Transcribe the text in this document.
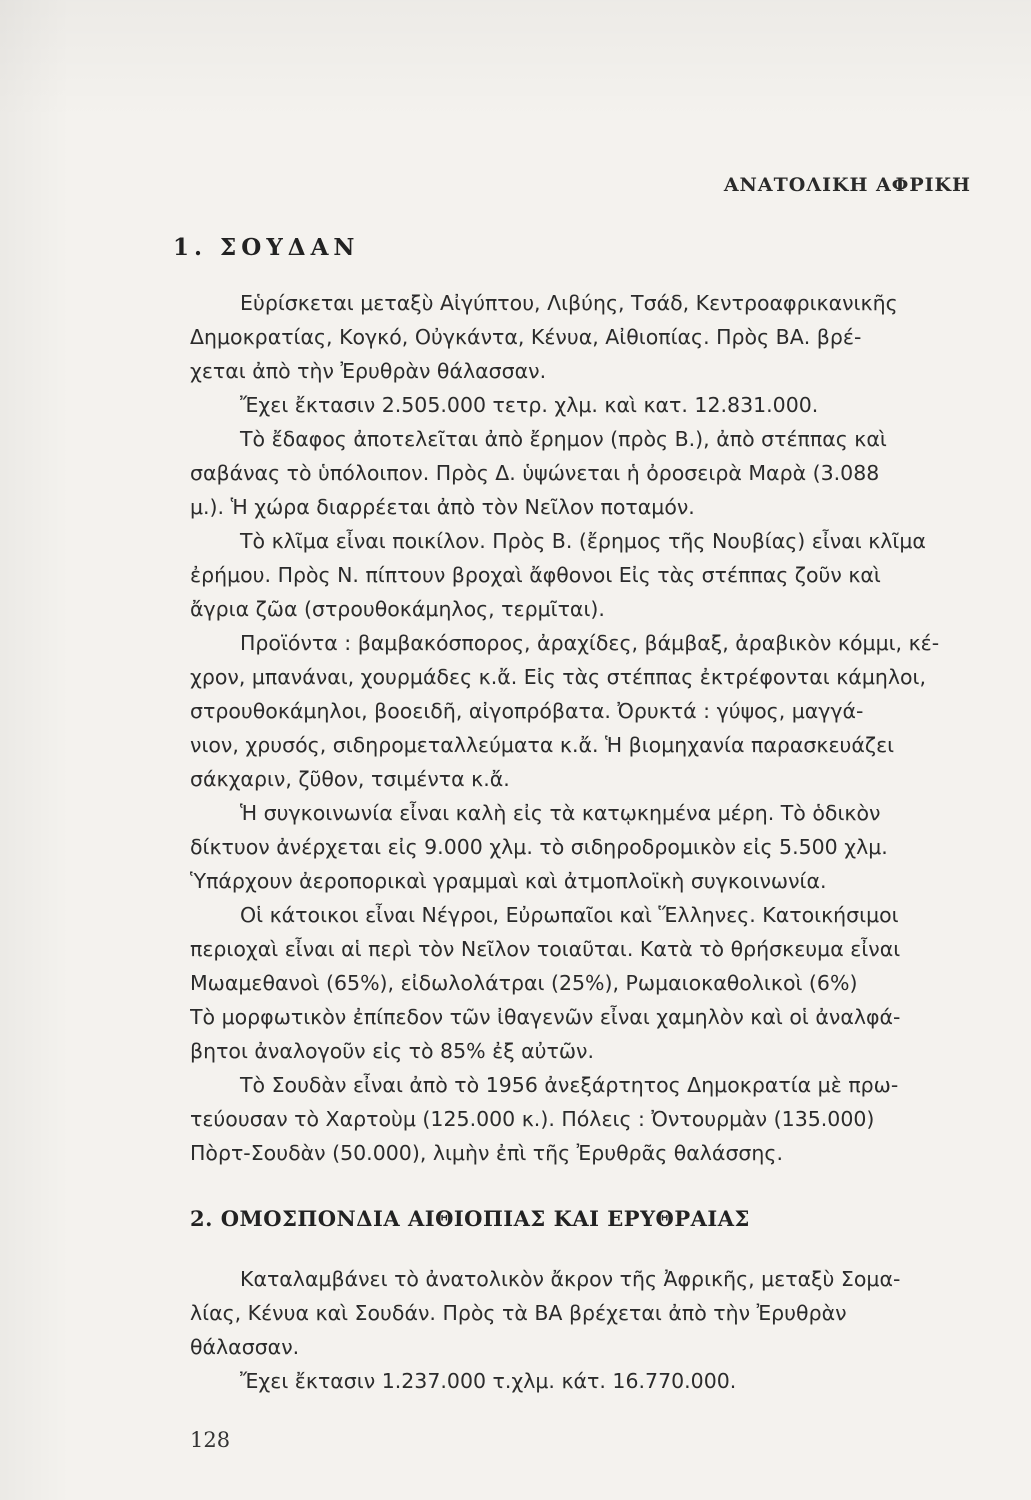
ΑΝΑΤΟΛΙΚΗ ΑΦΡΙΚΗ
1. ΣΟΥΔΑΝ
Εὑρίσκεται μεταξὺ Αἰγύπτου, Λιβύης, Τσάδ, Κεντροαφρικανικῆς
Δημοκρατίας, Κογκό, Οὐγκάντα, Κένυα, Αἰθιοπίας. Πρὸς ΒΑ. βρέ-
χεται ἀπὸ τὴν Ἐρυθρὰν θάλασσαν.
Ἔχει ἔκτασιν 2.505.000 τετρ. χλμ. καὶ κατ. 12.831.000.
Τὸ ἔδαφος ἀποτελεῖται ἀπὸ ἔρημον (πρὸς Β.), ἀπὸ στέππας καὶ
σαβάνας τὸ ὑπόλοιπον. Πρὸς Δ. ὑψώνεται ἡ ὀροσειρὰ Μαρὰ (3.088
μ.). Ἡ χώρα διαρρέεται ἀπὸ τὸν Νεῖλον ποταμόν.
Τὸ κλῖμα εἶναι ποικίλον. Πρὸς Β. (ἔρημος τῆς Νουβίας) εἶναι κλῖμα
ἐρήμου. Πρὸς Ν. πίπτουν βροχαὶ ἄφθονοι Εἰς τὰς στέππας ζοῦν καὶ
ἄγρια ζῶα (στρουθοκάμηλος, τερμῖται).
Προϊόντα : βαμβακόσπορος, ἀραχίδες, βάμβαξ, ἀραβικὸν κόμμι, κέ-
χρον, μπανάναι, χουρμάδες κ.ἄ. Εἰς τὰς στέππας ἐκτρέφονται κάμηλοι,
στρουθοκάμηλοι, βοοειδῆ, αἰγοπρόβατα. Ὀρυκτά : γύψος, μαγγά-
νιον, χρυσός, σιδηρομεταλλεύματα κ.ἄ. Ἡ βιομηχανία παρασκευάζει
σάκχαριν, ζῦθον, τσιμέντα κ.ἄ.
Ἡ συγκοινωνία εἶναι καλὴ εἰς τὰ κατῳκημένα μέρη. Τὸ ὁδικὸν
δίκτυον ἀνέρχεται εἰς 9.000 χλμ. τὸ σιδηροδρομικὸν εἰς 5.500 χλμ.
Ὑπάρχουν ἀεροπορικαὶ γραμμαὶ καὶ ἀτμοπλοϊκὴ συγκοινωνία.
Οἱ κάτοικοι εἶναι Νέγροι, Εὐρωπαῖοι καὶ Ἕλληνες. Κατοικήσιμοι
περιοχαὶ εἶναι αἱ περὶ τὸν Νεῖλον τοιαῦται. Κατὰ τὸ θρήσκευμα εἶναι
Μωαμεθανοὶ (65%), εἰδωλολάτραι (25%), Ρωμαιοκαθολικοὶ (6%)
Τὸ μορφωτικὸν ἐπίπεδον τῶν ἰθαγενῶν εἶναι χαμηλὸν καὶ οἱ ἀναλφά-
βητοι ἀναλογοῦν εἰς τὸ 85% ἐξ αὐτῶν.
Τὸ Σουδὰν εἶναι ἀπὸ τὸ 1956 ἀνεξάρτητος Δημοκρατία μὲ πρω-
τεύουσαν τὸ Χαρτοὺμ (125.000 κ.). Πόλεις : Ὀντουρμὰν (135.000)
Πὸρτ-Σουδὰν (50.000), λιμὴν ἐπὶ τῆς Ἐρυθρᾶς θαλάσσης.
2. ΟΜΟΣΠΟΝΔΙΑ ΑΙΘΙΟΠΙΑΣ ΚΑΙ ΕΡΥΘΡΑΙΑΣ
Καταλαμβάνει τὸ ἀνατολικὸν ἄκρον τῆς Ἀφρικῆς, μεταξὺ Σομα-
λίας, Κένυα καὶ Σουδάν. Πρὸς τὰ ΒΑ βρέχεται ἀπὸ τὴν Ἐρυθρὰν
θάλασσαν.
Ἔχει ἔκτασιν 1.237.000 τ.χλμ. κάτ. 16.770.000.
128
